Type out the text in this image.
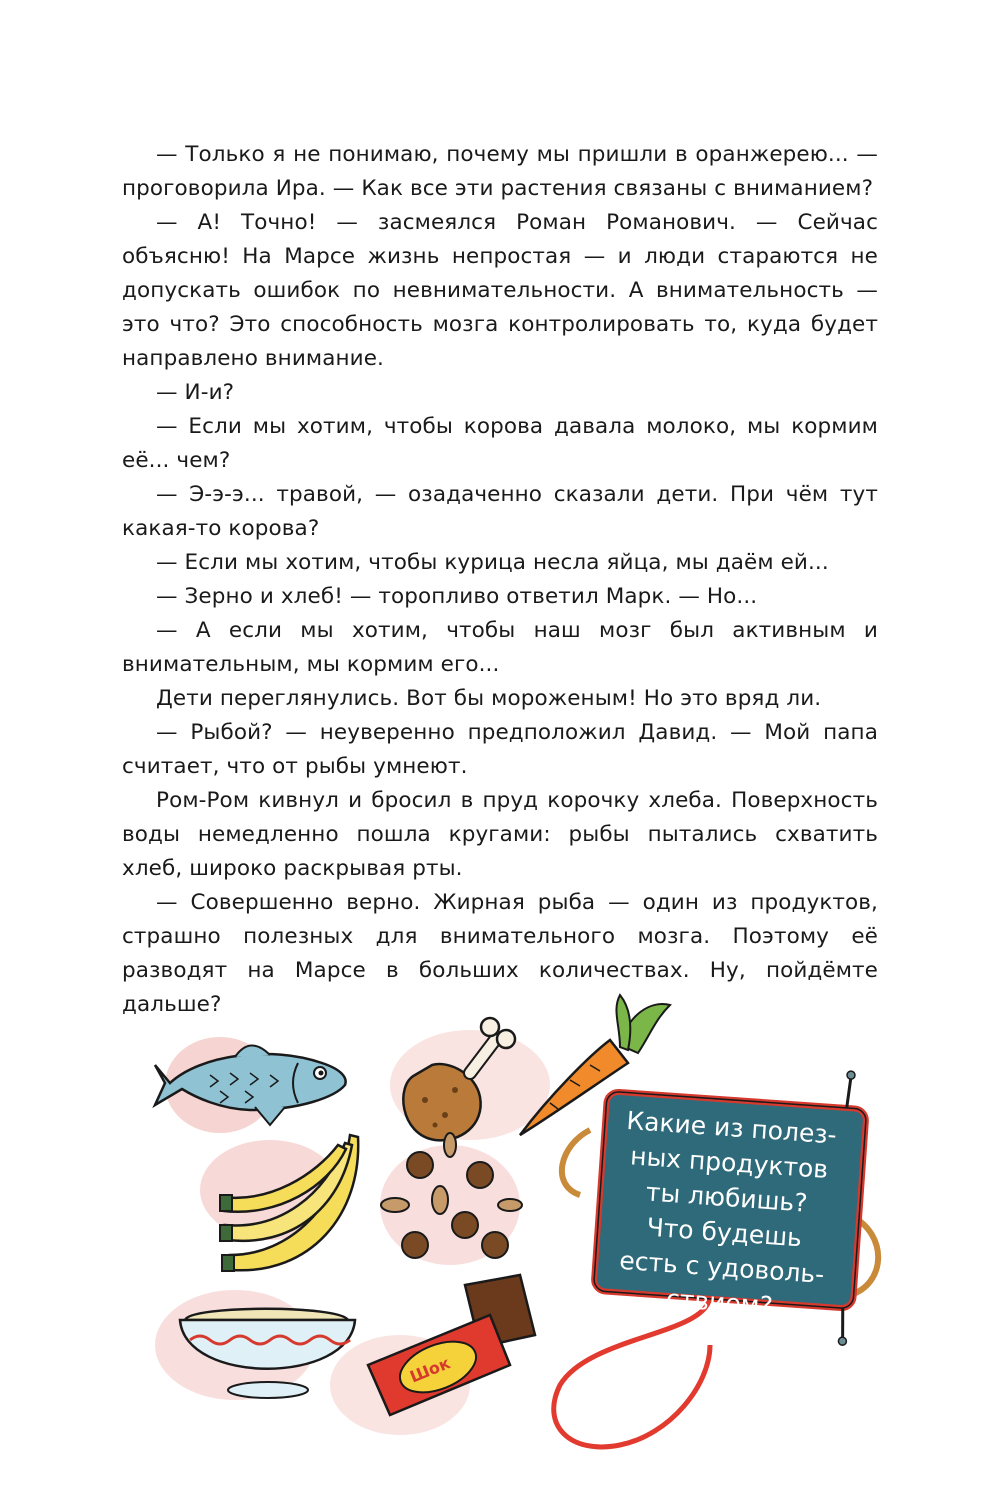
— Только я не понимаю, почему мы пришли в оранжерею... — проговорила Ира. — Как все эти растения связаны с вниманием?

— А! Точно! — засмеялся Роман Романович. — Сейчас объясню! На Марсе жизнь непростая — и люди стараются не допускать ошибок по невнимательности. А внимательность — это что? Это способность мозга контролировать то, куда будет направлено внимание.

— И-и?

— Если мы хотим, чтобы корова давала молоко, мы кормим её... чем?

— Э-э-э... травой, — озадаченно сказали дети. При чём тут какая-то корова?

— Если мы хотим, чтобы курица несла яйца, мы даём ей...

— Зерно и хлеб! — торопливо ответил Марк. — Но...

— А если мы хотим, чтобы наш мозг был активным и внимательным, мы кормим его...

Дети переглянулись. Вот бы мороженым! Но это вряд ли.

— Рыбой? — неуверенно предположил Давид. — Мой папа считает, что от рыбы умнеют.

Ром-Ром кивнул и бросил в пруд корочку хлеба. Поверхность воды немедленно пошла кругами: рыбы пытались схватить хлеб, широко раскрывая рты.

— Совершенно верно. Жирная рыба — один из продуктов, страшно полезных для внимательного мозга. Поэтому её разводят на Марсе в больших количествах. Ну, пойдёмте дальше?

Шок
Какие из полез-
ных продуктов
ты любишь?
Что будешь
есть с удоволь-
ствием?
